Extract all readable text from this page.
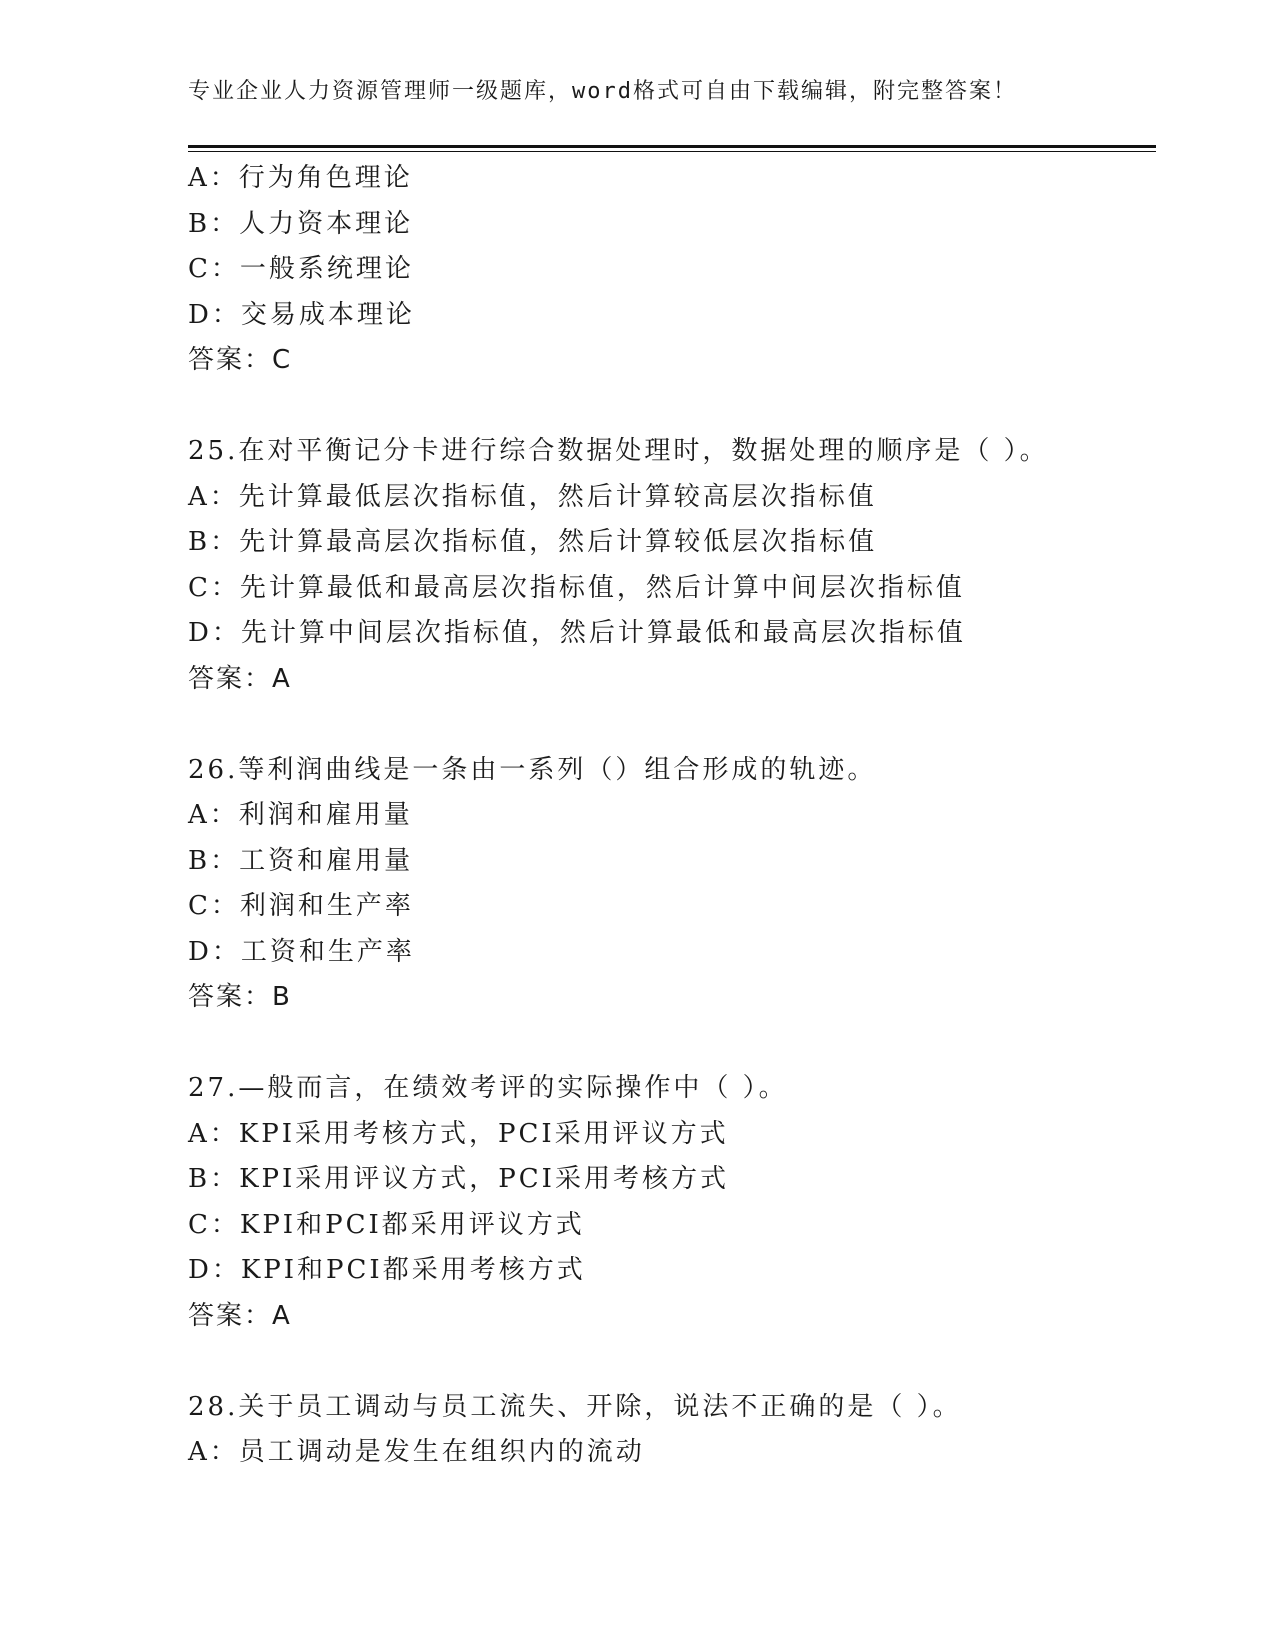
专业企业人力资源管理师一级题库，word格式可自由下载编辑，附完整答案！
A：行为角色理论
B：人力资本理论
C：一般系统理论
D：交易成本理论
答案：C
25.在对平衡记分卡进行综合数据处理时，数据处理的顺序是（ ）。
A：先计算最低层次指标值，然后计算较高层次指标值
B：先计算最高层次指标值，然后计算较低层次指标值
C：先计算最低和最高层次指标值，然后计算中间层次指标值
D：先计算中间层次指标值，然后计算最低和最高层次指标值
答案：A
26.等利润曲线是一条由一系列（）组合形成的轨迹。
A：利润和雇用量
B：工资和雇用量
C：利润和生产率
D：工资和生产率
答案：B
27.—般而言，在绩效考评的实际操作中（ ）。
A：KPI采用考核方式，PCI采用评议方式
B：KPI采用评议方式，PCI采用考核方式
C：KPI和PCI都采用评议方式
D：KPI和PCI都采用考核方式
答案：A
28.关于员工调动与员工流失、开除，说法不正确的是（ ）。
A：员工调动是发生在组织内的流动
